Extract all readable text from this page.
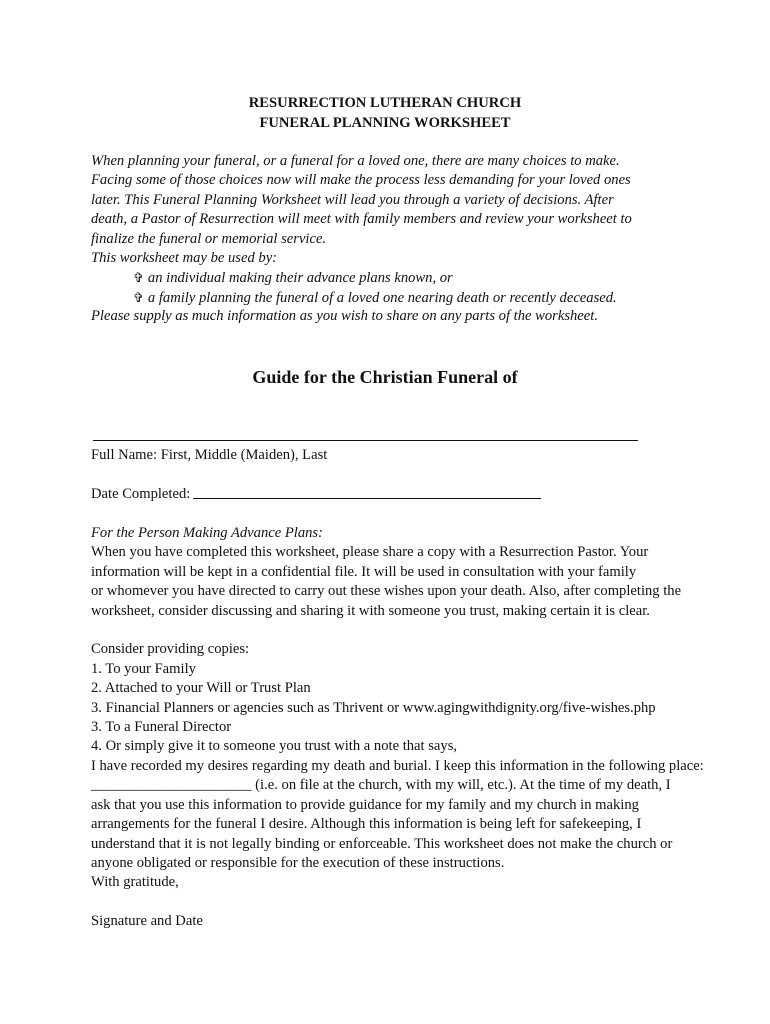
RESURRECTION LUTHERAN CHURCH
FUNERAL PLANNING WORKSHEET
When planning your funeral, or a funeral for a loved one, there are many choices to make.
Facing some of those choices now will make the process less demanding for your loved ones
later. This Funeral Planning Worksheet will lead you through a variety of decisions. After
death, a Pastor of Resurrection will meet with family members and review your worksheet to
finalize the funeral or memorial service.
This worksheet may be used by:
✞ an individual making their advance plans known, or
✞ a family planning the funeral of a loved one nearing death or recently deceased.
Please supply as much information as you wish to share on any parts of the worksheet.
Guide for the Christian Funeral of
Full Name: First, Middle (Maiden), Last
Date Completed:
For the Person Making Advance Plans:
When you have completed this worksheet, please share a copy with a Resurrection Pastor. Your
information will be kept in a confidential file. It will be used in consultation with your family
or whomever you have directed to carry out these wishes upon your death. Also, after completing the
worksheet, consider discussing and sharing it with someone you trust, making certain it is clear.
Consider providing copies:
1. To your Family
2. Attached to your Will or Trust Plan
3. Financial Planners or agencies such as Thrivent or www.agingwithdignity.org/five-wishes.php
3. To a Funeral Director
4. Or simply give it to someone you trust with a note that says,
I have recorded my desires regarding my death and burial. I keep this information in the following place:
______________________ (i.e. on file at the church, with my will, etc.). At the time of my death, I
ask that you use this information to provide guidance for my family and my church in making
arrangements for the funeral I desire. Although this information is being left for safekeeping, I
understand that it is not legally binding or enforceable. This worksheet does not make the church or
anyone obligated or responsible for the execution of these instructions.
With gratitude,
Signature and Date
